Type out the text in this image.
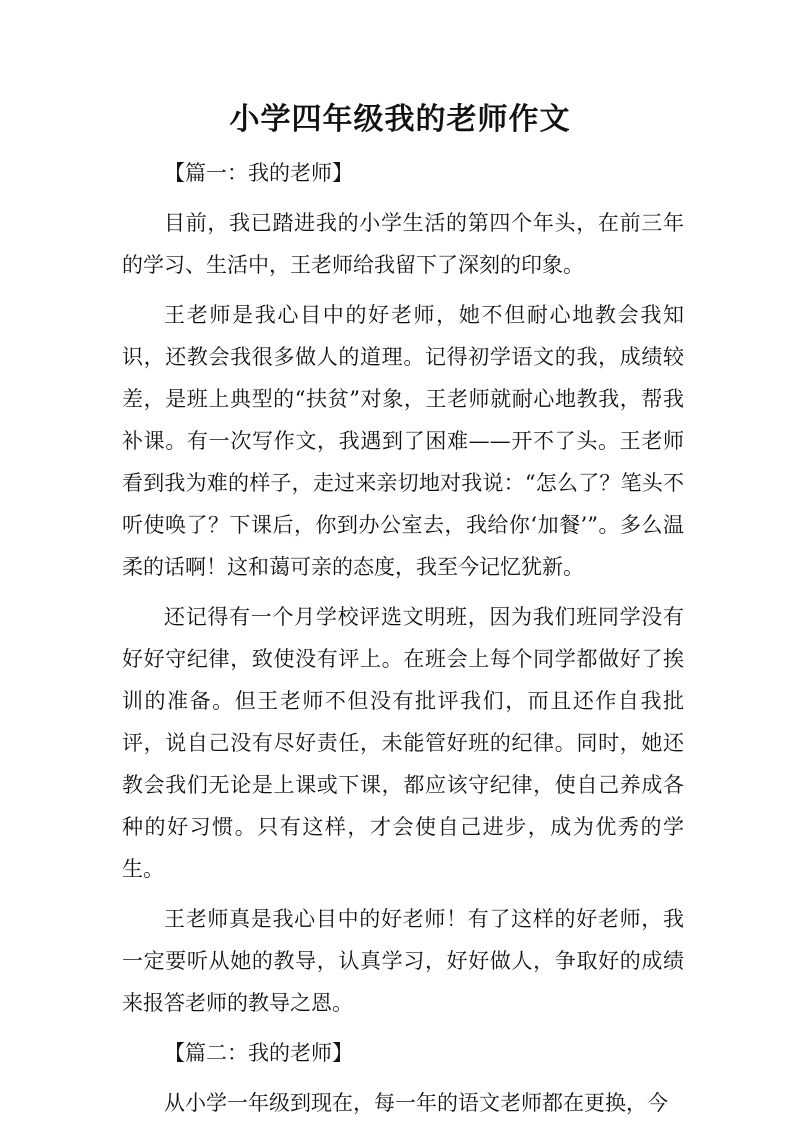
小学四年级我的老师作文

【篇一：我的老师】

目前，我已踏进我的小学生活的第四个年头，在前三年的学习、生活中，王老师给我留下了深刻的印象。

王老师是我心目中的好老师，她不但耐心地教会我知识，还教会我很多做人的道理。记得初学语文的我，成绩较差，是班上典型的“扶贫”对象，王老师就耐心地教我，帮我补课。有一次写作文，我遇到了困难——开不了头。王老师看到我为难的样子，走过来亲切地对我说：“怎么了？笔头不听使唤了？下课后，你到办公室去，我给你‘加餐’”。多么温柔的话啊！这和蔼可亲的态度，我至今记忆犹新。

还记得有一个月学校评选文明班，因为我们班同学没有好好守纪律，致使没有评上。在班会上每个同学都做好了挨训的准备。但王老师不但没有批评我们，而且还作自我批评，说自己没有尽好责任，未能管好班的纪律。同时，她还教会我们无论是上课或下课，都应该守纪律，使自己养成各种的好习惯。只有这样，才会使自己进步，成为优秀的学生。

王老师真是我心目中的好老师！有了这样的好老师，我一定要听从她的教导，认真学习，好好做人，争取好的成绩来报答老师的教导之恩。

【篇二：我的老师】

从小学一年级到现在，每一年的语文老师都在更换，今
